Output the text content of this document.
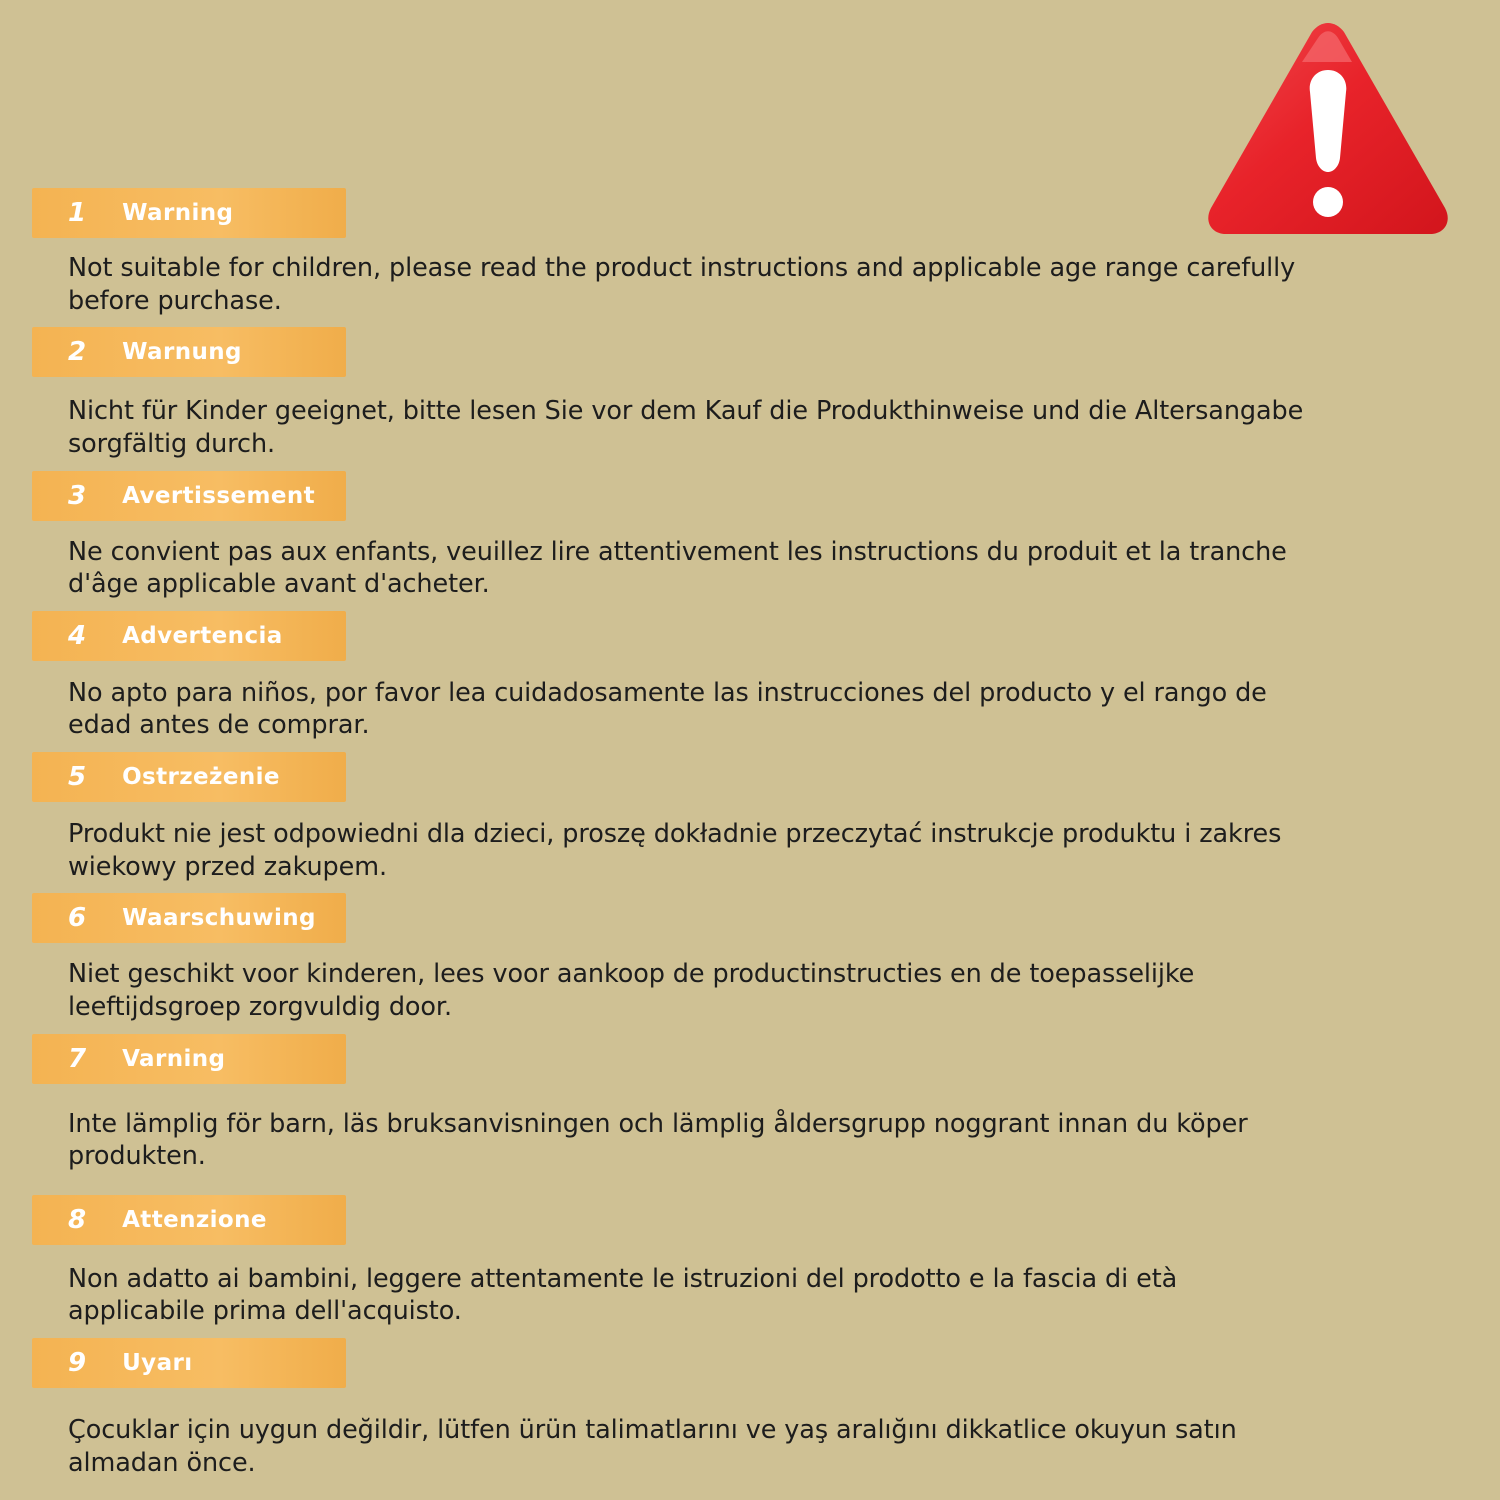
1 Warning
Not suitable for children, please read the product instructions and applicable age range carefully before purchase.
2 Warnung
Nicht für Kinder geeignet, bitte lesen Sie vor dem Kauf die Produkthinweise und die Altersangabe sorgfältig durch.
3 Avertissement
Ne convient pas aux enfants, veuillez lire attentivement les instructions du produit et la tranche d'âge applicable avant d'acheter.
4 Advertencia
No apto para niños, por favor lea cuidadosamente las instrucciones del producto y el rango de edad antes de comprar.
5 Ostrzeżenie
Produkt nie jest odpowiedni dla dzieci, proszę dokładnie przeczytać instrukcje produktu i zakres wiekowy przed zakupem.
6 Waarschuwing
Niet geschikt voor kinderen, lees voor aankoop de productinstructies en de toepasselijke leeftijdsgroep zorgvuldig door.
7 Varning
Inte lämplig för barn, läs bruksanvisningen och lämplig åldersgrupp noggrant innan du köper produkten.
8 Attenzione
Non adatto ai bambini, leggere attentamente le istruzioni del prodotto e la fascia di età applicabile prima dell'acquisto.
9 Uyarı
Çocuklar için uygun değildir, lütfen ürün talimatlarını ve yaş aralığını dikkatlice okuyun satın almadan önce.
